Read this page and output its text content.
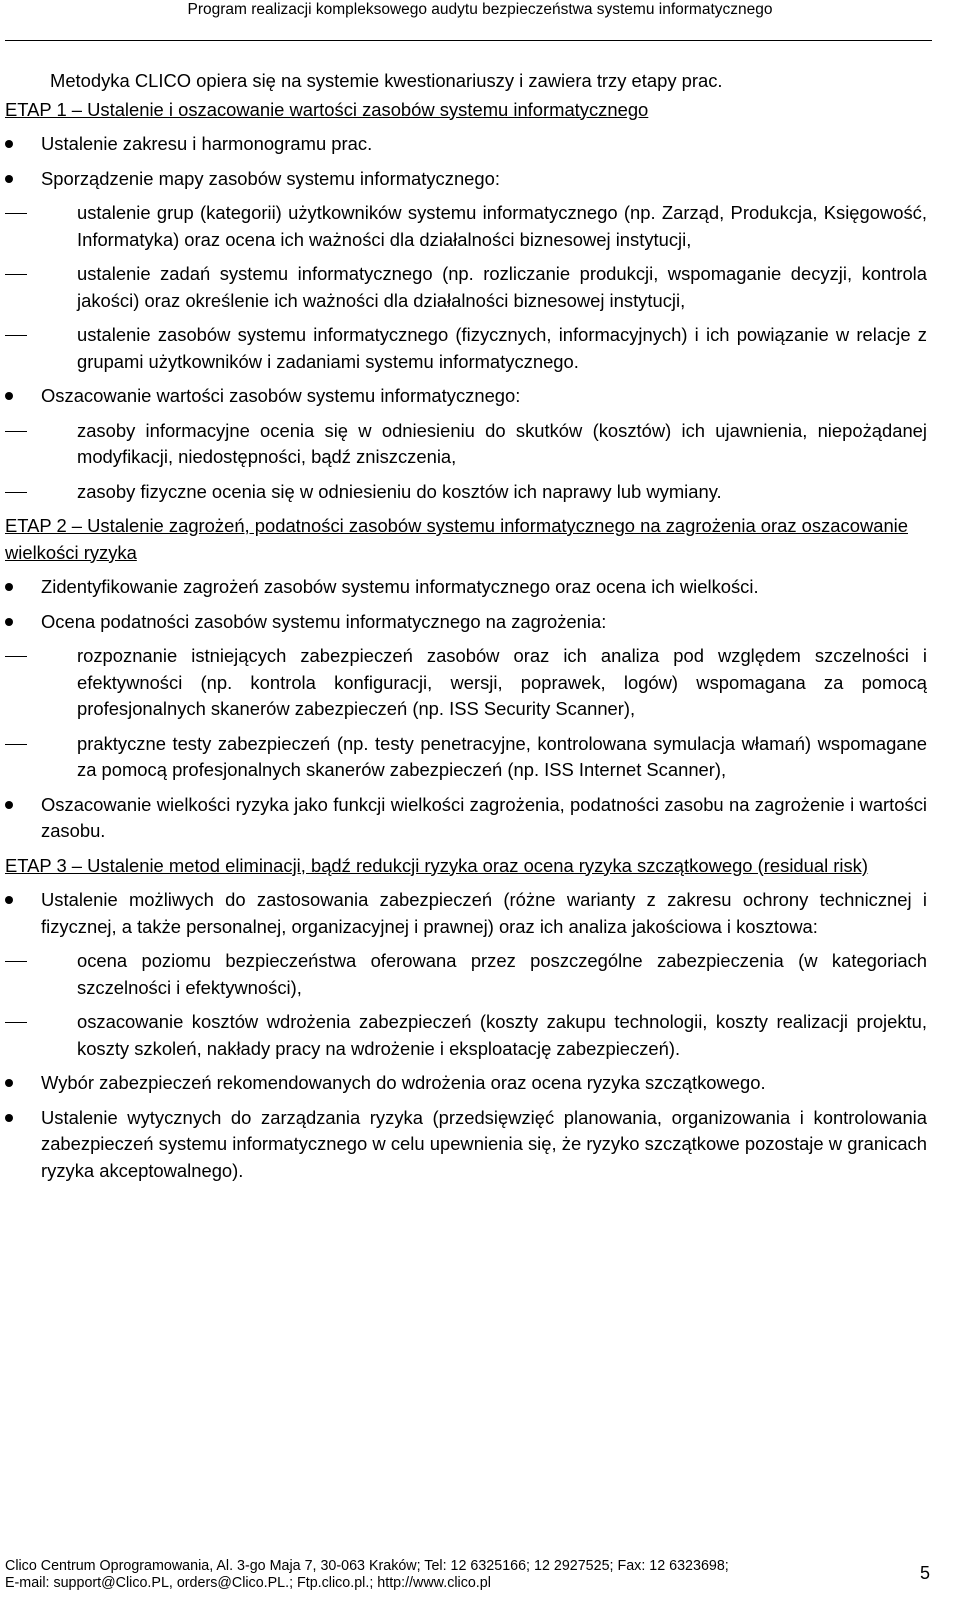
Program realizacji kompleksowego audytu bezpieczeństwa systemu informatycznego

Metodyka CLICO opiera się na systemie kwestionariuszy i zawiera trzy etapy prac.

ETAP 1 – Ustalenie i oszacowanie wartości zasobów systemu informatycznego

Ustalenie zakresu i harmonogramu prac.
Sporządzenie mapy zasobów systemu informatycznego:
ustalenie grup (kategorii) użytkowników systemu informatycznego (np. Zarząd, Produkcja, Księgowość, Informatyka) oraz ocena ich ważności dla działalności biznesowej instytucji,
ustalenie zadań systemu informatycznego (np. rozliczanie produkcji, wspomaganie decyzji, kontrola jakości) oraz określenie ich ważności dla działalności biznesowej instytucji,
ustalenie zasobów systemu informatycznego (fizycznych, informacyjnych) i ich powiązanie w relacje z grupami użytkowników i zadaniami systemu informatycznego.
Oszacowanie wartości zasobów systemu informatycznego:
zasoby informacyjne ocenia się w odniesieniu do skutków (kosztów) ich ujawnienia, niepożądanej modyfikacji, niedostępności, bądź zniszczenia,
zasoby fizyczne ocenia się w odniesieniu do kosztów ich naprawy lub wymiany.

ETAP 2 – Ustalenie zagrożeń, podatności zasobów systemu informatycznego na zagrożenia oraz oszacowanie wielkości ryzyka

Zidentyfikowanie zagrożeń zasobów systemu informatycznego oraz ocena ich wielkości.
Ocena podatności zasobów systemu informatycznego na zagrożenia:
rozpoznanie istniejących zabezpieczeń zasobów oraz ich analiza pod względem szczelności i efektywności (np. kontrola konfiguracji, wersji, poprawek, logów) wspomagana za pomocą profesjonalnych skanerów zabezpieczeń (np. ISS Security Scanner),
praktyczne testy zabezpieczeń (np. testy penetracyjne, kontrolowana symulacja włamań) wspomagane za pomocą profesjonalnych skanerów zabezpieczeń (np. ISS Internet Scanner),
Oszacowanie wielkości ryzyka jako funkcji wielkości zagrożenia, podatności zasobu na zagrożenie i wartości zasobu.

ETAP 3 – Ustalenie metod eliminacji, bądź redukcji ryzyka oraz ocena ryzyka szczątkowego (residual risk)

Ustalenie możliwych do zastosowania zabezpieczeń (różne warianty z zakresu ochrony technicznej i fizycznej, a także personalnej, organizacyjnej i prawnej) oraz ich analiza jakościowa i kosztowa:
ocena poziomu bezpieczeństwa oferowana przez poszczególne zabezpieczenia (w kategoriach szczelności i efektywności),
oszacowanie kosztów wdrożenia zabezpieczeń (koszty zakupu technologii, koszty realizacji projektu, koszty szkoleń, nakłady pracy na wdrożenie i eksploatację zabezpieczeń).
Wybór zabezpieczeń rekomendowanych do wdrożenia oraz ocena ryzyka szczątkowego.
Ustalenie wytycznych do zarządzania ryzyka (przedsięwzięć planowania, organizowania i kontrolowania zabezpieczeń systemu informatycznego w celu upewnienia się, że ryzyko szczątkowe pozostaje w granicach ryzyka akceptowalnego).
Clico Centrum Oprogramowania, Al. 3-go Maja 7, 30-063 Kraków; Tel: 12 6325166; 12 2927525; Fax: 12 6323698;
E-mail: support@Clico.PL, orders@Clico.PL.; Ftp.clico.pl.; http://www.clico.pl	5
